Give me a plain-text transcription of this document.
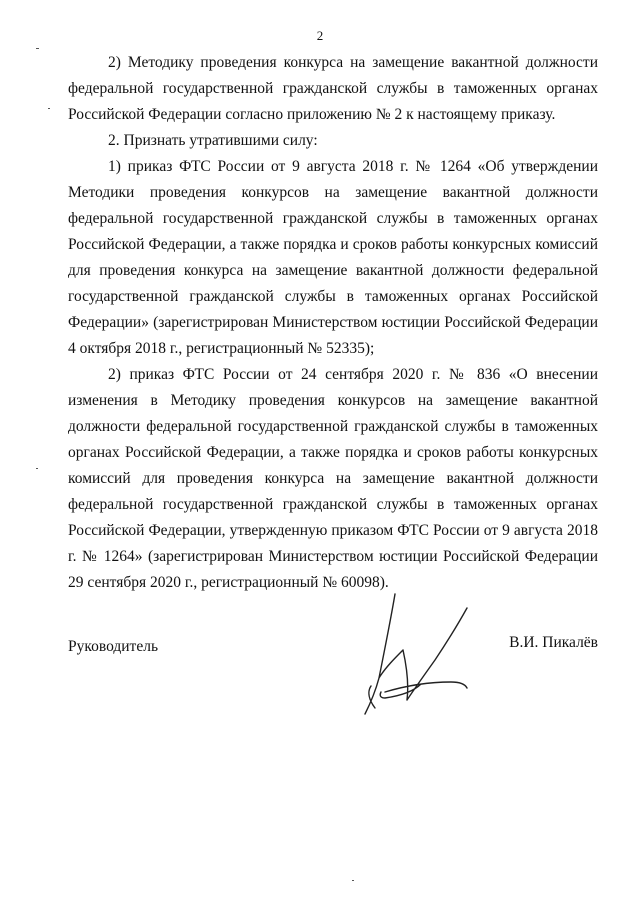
2

2) Методику проведения конкурса на замещение вакантной должности федеральной государственной гражданской службы в таможенных органах Российской Федерации согласно приложению № 2 к настоящему приказу.

2. Признать утратившими силу:

1) приказ ФТС России от 9 августа 2018 г. № 1264 «Об утверждении Методики проведения конкурсов на замещение вакантной должности федеральной государственной гражданской службы в таможенных органах Российской Федерации, а также порядка и сроков работы конкурсных комиссий для проведения конкурса на замещение вакантной должности федеральной государственной гражданской службы в таможенных органах Российской Федерации» (зарегистрирован Министерством юстиции Российской Федерации 4 октября 2018 г., регистрационный № 52335);

2) приказ ФТС России от 24 сентября 2020 г. № 836 «О внесении изменения в Методику проведения конкурсов на замещение вакантной должности федеральной государственной гражданской службы в таможенных органах Российской Федерации, а также порядка и сроков работы конкурсных комиссий для проведения конкурса на замещение вакантной должности федеральной государственной гражданской службы в таможенных органах Российской Федерации, утвержденную приказом ФТС России от 9 августа 2018 г. № 1264» (зарегистрирован Министерством юстиции Российской Федерации 29 сентября 2020 г., регистрационный № 60098).

Руководитель	В.И. Пикалёв
